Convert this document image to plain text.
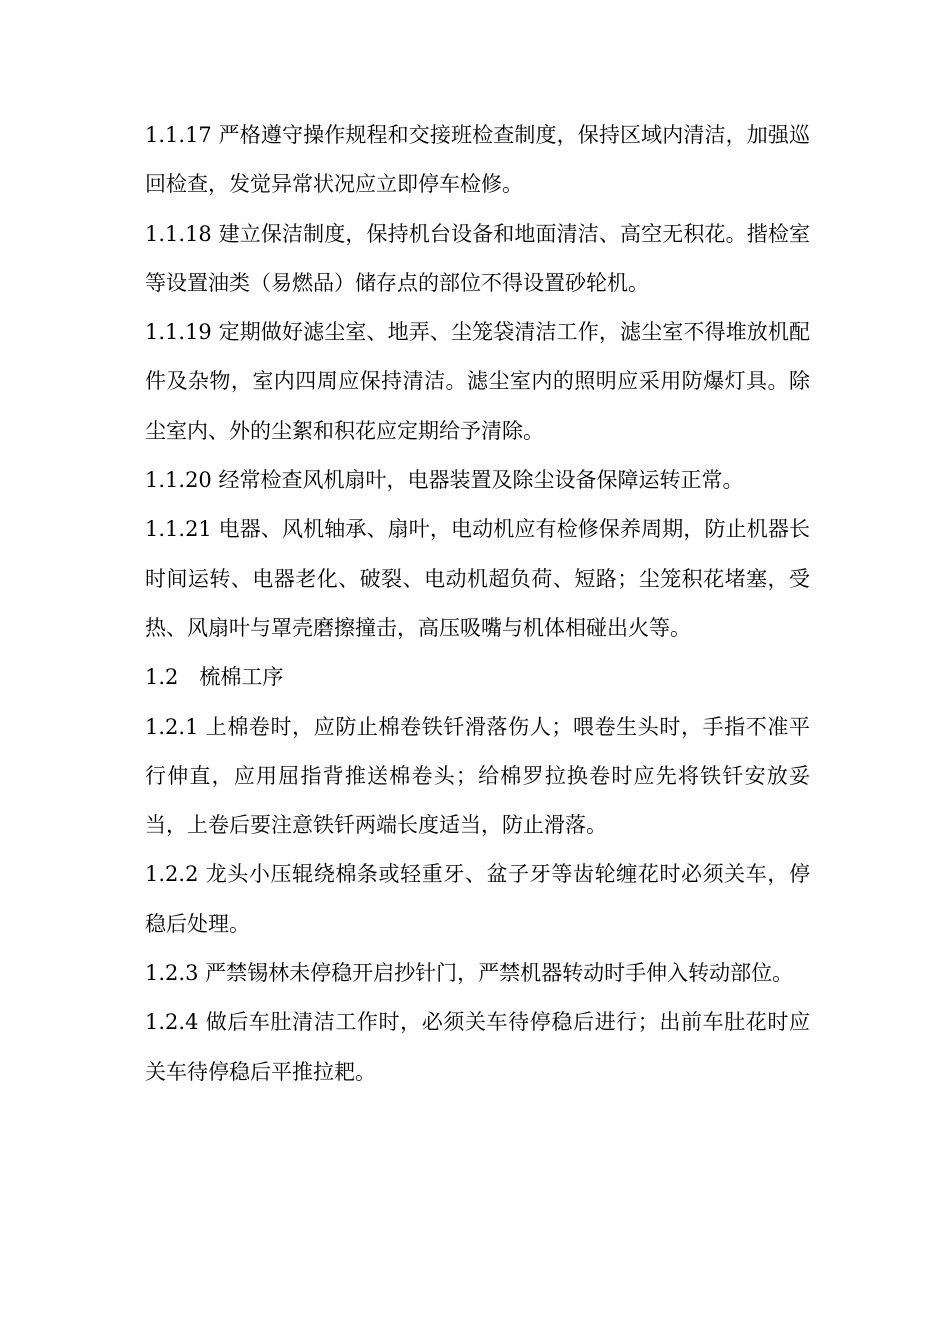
1.1.17 严格遵守操作规程和交接班检查制度，保持区域内清洁，加强巡回检查，发觉异常状况应立即停车检修。

1.1.18 建立保洁制度，保持机台设备和地面清洁、高空无积花。揩检室等设置油类（易燃品）储存点的部位不得设置砂轮机。

1.1.19 定期做好滤尘室、地弄、尘笼袋清洁工作，滤尘室不得堆放机配件及杂物，室内四周应保持清洁。滤尘室内的照明应采用防爆灯具。除尘室内、外的尘絮和积花应定期给予清除。

1.1.20 经常检查风机扇叶，电器装置及除尘设备保障运转正常。

1.1.21 电器、风机轴承、扇叶，电动机应有检修保养周期，防止机器长时间运转、电器老化、破裂、电动机超负荷、短路；尘笼积花堵塞，受热、风扇叶与罩壳磨擦撞击，高压吸嘴与机体相碰出火等。

1.2　梳棉工序

1.2.1 上棉卷时，应防止棉卷铁钎滑落伤人；喂卷生头时，手指不准平行伸直，应用屈指背推送棉卷头；给棉罗拉换卷时应先将铁钎安放妥当，上卷后要注意铁钎两端长度适当，防止滑落。

1.2.2 龙头小压辊绕棉条或轻重牙、盆子牙等齿轮缠花时必须关车，停稳后处理。

1.2.3 严禁锡林未停稳开启抄针门，严禁机器转动时手伸入转动部位。

1.2.4 做后车肚清洁工作时，必须关车待停稳后进行；出前车肚花时应关车待停稳后平推拉耙。
